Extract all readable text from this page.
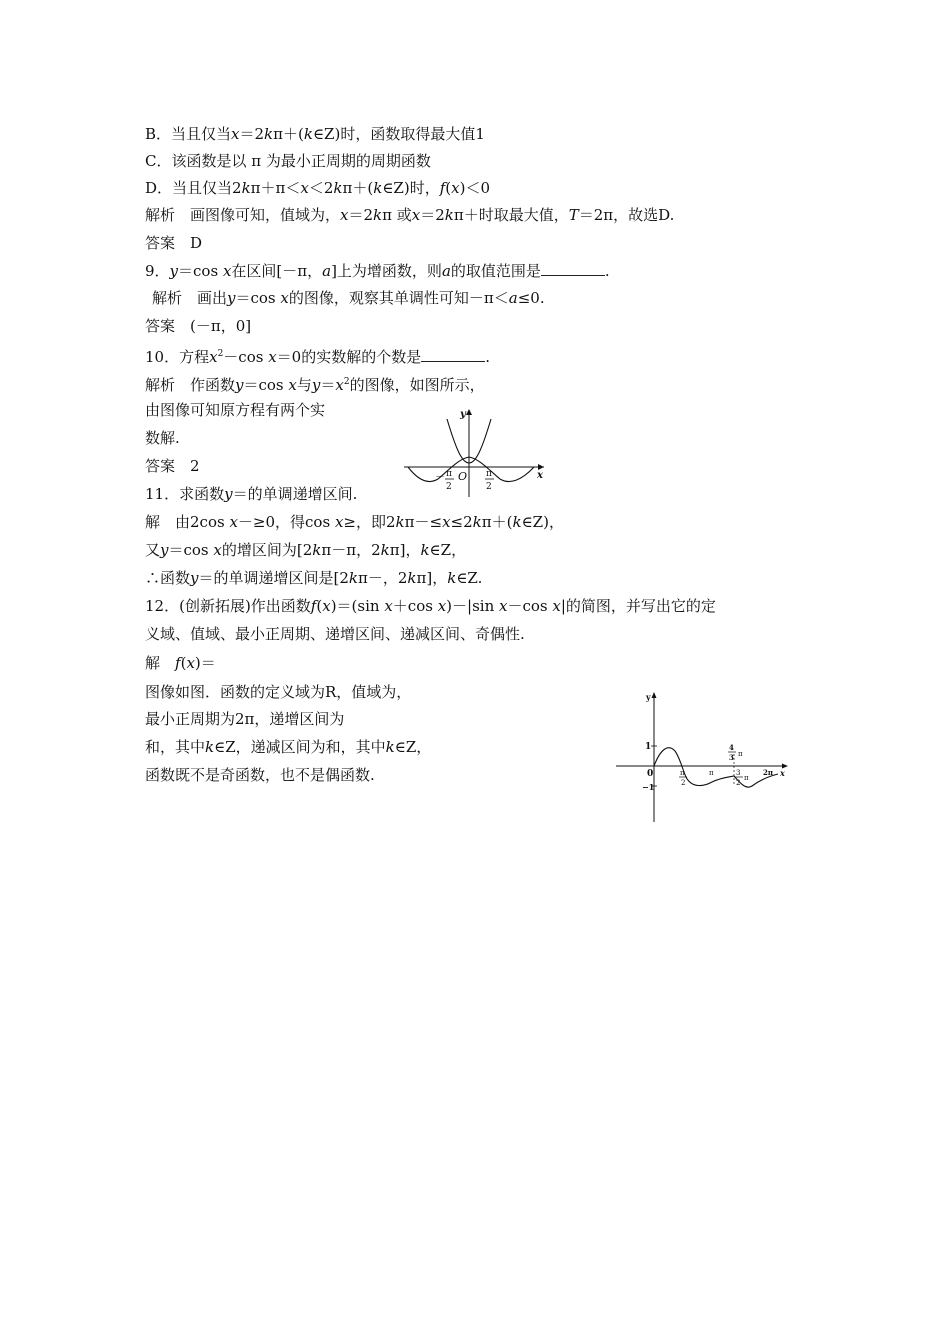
B．当且仅当x＝2kπ＋(k∈Z)时，函数取得最大值1
C．该函数是以 π 为最小正周期的周期函数
D．当且仅当2kπ＋π＜x＜2kπ＋(k∈Z)时，f(x)＜0
解析　画图像可知，值域为，x＝2kπ 或x＝2kπ＋时取最大值，T＝2π，故选D.
答案　D
9．y＝cos x在区间[－π，a]上为增函数，则a的取值范围是	.
解析　画出y＝cos x的图像，观察其单调性可知－π＜a≤0.
答案　(－π，0]
10．方程$x^2-\cos$ x＝0的实数解的个数是	.
解析　作函数y＝cos x与$y=x^2$的图像，如图所示，
由图像可知原方程有两个实
数解.
答案　2
11．求函数y＝的单调递增区间.
解　由2cos x－≥0，得cos x≥，即2kπ－≤x≤2kπ＋(k∈Z)，
又y＝cos x的增区间为[2kπ－π，2kπ]，k∈Z，
∴函数y＝的单调递增区间是[2kπ－，2kπ]，k∈Z.
12．(创新拓展)作出函数f(x)＝(sin x＋cos x)－|sin x－cos x|的简图，并写出它的定
义域、值域、最小正周期、递增区间、递减区间、奇偶性.
解　f(x)＝
图像如图．函数的定义域为R，值域为，
最小正周期为2π，递增区间为
和，其中k∈Z，递减区间为和，其中k∈Z，
函数既不是奇函数，也不是偶函数.
y
x
O
－ π
2
π
2
y
x
0
1
−1
π
2
π	3
2
π
2π
4
3 π
